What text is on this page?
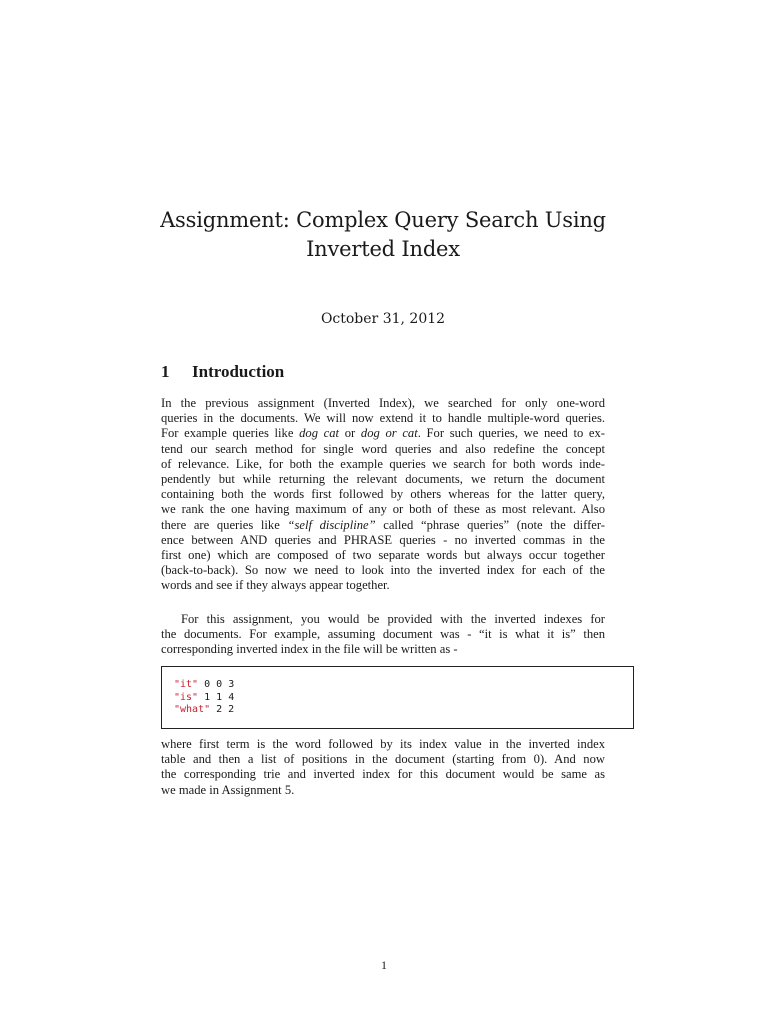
Assignment: Complex Query Search Using
Inverted Index
October 31, 2012
1 Introduction
In the previous assignment (Inverted Index), we searched for only one-word
queries in the documents. We will now extend it to handle multiple-word queries.
For example queries like dog cat or dog or cat. For such queries, we need to ex-
tend our search method for single word queries and also redefine the concept
of relevance. Like, for both the example queries we search for both words inde-
pendently but while returning the relevant documents, we return the document
containing both the words first followed by others whereas for the latter query,
we rank the one having maximum of any or both of these as most relevant. Also
there are queries like “self discipline” called “phrase queries” (note the differ-
ence between AND queries and PHRASE queries - no inverted commas in the
first one) which are composed of two separate words but always occur together
(back-to-back). So now we need to look into the inverted index for each of the
words and see if they always appear together.
For this assignment, you would be provided with the inverted indexes for
the documents. For example, assuming document was - “it is what it is” then
corresponding inverted index in the file will be written as -
"it" 0 0 3
"is" 1 1 4
"what" 2 2
where first term is the word followed by its index value in the inverted index
table and then a list of positions in the document (starting from 0). And now
the corresponding trie and inverted index for this document would be same as
we made in Assignment 5.
1
